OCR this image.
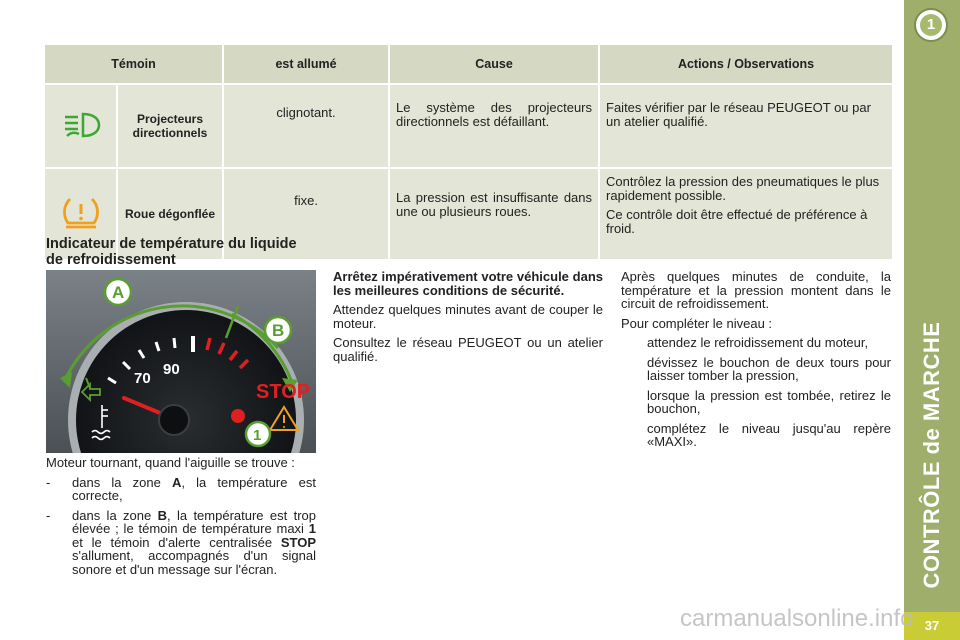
1
CONTRÔLE de MARCHE
37
Témoin		est allumé	Cause	Actions / Observations
	Projecteurs directionnels	clignotant.	Le système des projecteurs directionnels est défaillant.	Faites vérifier par le réseau PEUGEOT ou par un atelier qualifié.

	Roue dégonflée	fixe.	La pression est insuffisante dans une ou plusieurs roues.	Contrôlez la pression des pneumatiques le plus rapidement possible.

Ce contrôle doit être effectué de préférence à froid.

Indicateur de température du liquide de refroidissement
70
90
A
B
STOP
1

Moteur tournant, quand l'aiguille se trouve :

- dans la zone A, la température est correcte,
- dans la zone B, la température est trop élevée ; le témoin de température maxi 1 et le témoin d'alerte centralisée STOP s'allument, accompagnés d'un signal sonore et d'un message sur l'écran.

Arrêtez impérativement votre véhicule dans les meilleures conditions de sécurité.

Attendez quelques minutes avant de couper le moteur.

Consultez le réseau PEUGEOT ou un atelier qualifié.

Après quelques minutes de conduite, la température et la pression montent dans le circuit de refroidissement.

Pour compléter le niveau :

attendez le refroidissement du moteur,
dévissez le bouchon de deux tours pour laisser tomber la pression,
lorsque la pression est tombée, retirez le bouchon,
complétez le niveau jusqu'au repère «MAXI».
carmanualsonline.info
